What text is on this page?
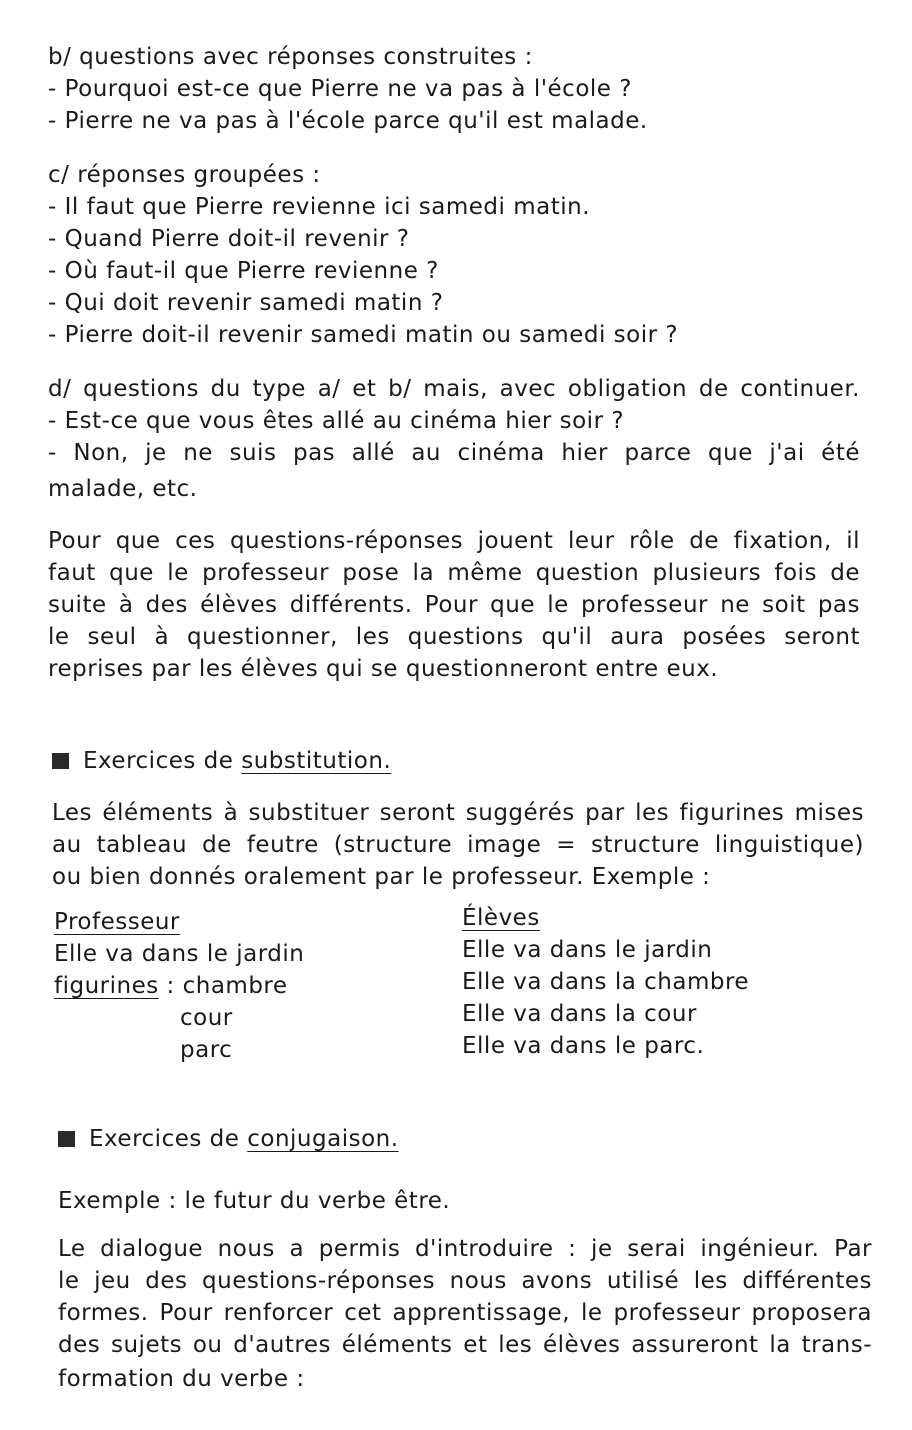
b/ questions avec réponses construites :
- Pourquoi est-ce que Pierre ne va pas à l'école ?
- Pierre ne va pas à l'école parce qu'il est malade.
c/ réponses groupées :
- Il faut que Pierre revienne ici samedi matin.
- Quand Pierre doit-il revenir ?
- Où faut-il que Pierre revienne ?
- Qui doit revenir samedi matin ?
- Pierre doit-il revenir samedi matin ou samedi soir ?
d/ questions du type a/ et b/ mais, avec obligation de continuer.
- Est-ce que vous êtes allé au cinéma hier soir ?
- Non, je ne suis pas allé au cinéma hier parce que j'ai été
malade, etc.
Pour que ces questions-réponses jouent leur rôle de fixation, il
faut que le professeur pose la même question plusieurs fois de
suite à des élèves différents. Pour que le professeur ne soit pas
le seul à questionner, les questions qu'il aura posées seront
reprises par les élèves qui se questionneront entre eux.
Exercices de substitution.
Les éléments à substituer seront suggérés par les figurines mises
au tableau de feutre (structure image = structure linguistique)
ou bien donnés oralement par le professeur. Exemple :
Professeur
Elle va dans le jardin
figurines : chambre
cour
parc
Élèves
Elle va dans le jardin
Elle va dans la chambre
Elle va dans la cour
Elle va dans le parc.
Exercices de conjugaison.
Exemple : le futur du verbe être.
Le dialogue nous a permis d'introduire : je serai ingénieur. Par
le jeu des questions-réponses nous avons utilisé les différentes
formes. Pour renforcer cet apprentissage, le professeur proposera
des sujets ou d'autres éléments et les élèves assureront la trans-
formation du verbe :
